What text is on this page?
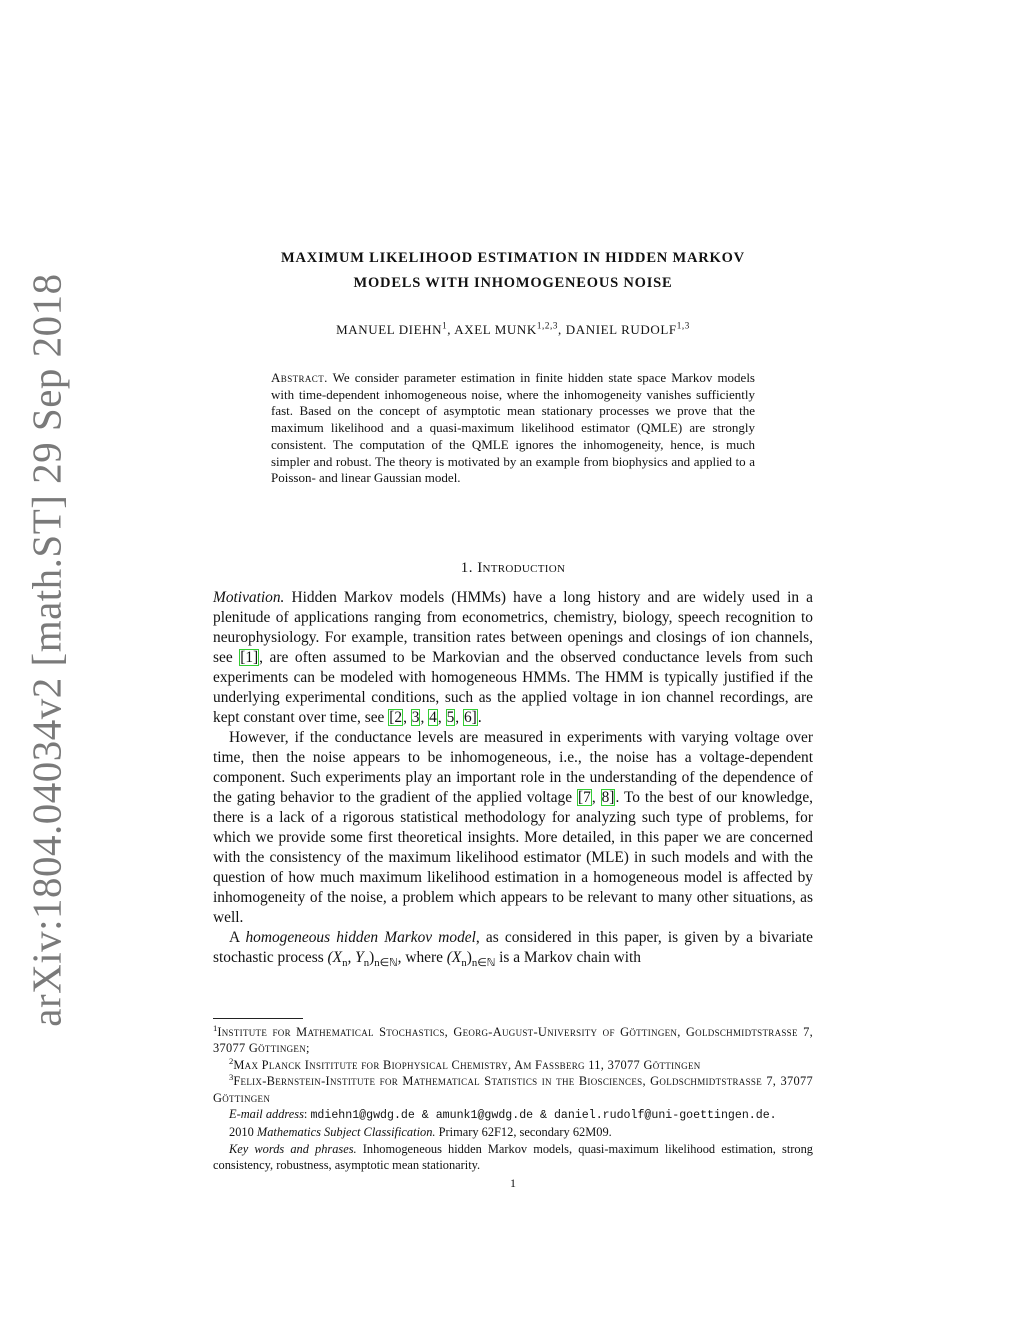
arXiv:1804.04034v2 [math.ST] 29 Sep 2018
MAXIMUM LIKELIHOOD ESTIMATION IN HIDDEN MARKOV
MODELS WITH INHOMOGENEOUS NOISE
MANUEL DIEHN$^1$, AXEL MUNK$^{1,2,3}$, DANIEL RUDOLF$^{1,3}$
Abstract. We consider parameter estimation in finite hidden state space Markov models with time-dependent inhomogeneous noise, where the inhomogeneity vanishes sufficiently fast. Based on the concept of asymptotic mean stationary processes we prove that the maximum likelihood and a quasi-maximum likelihood estimator (QMLE) are strongly consistent. The computation of the QMLE ignores the inhomogeneity, hence, is much simpler and robust. The theory is motivated by an example from biophysics and applied to a Poisson- and linear Gaussian model.
1. Introduction

Motivation. Hidden Markov models (HMMs) have a long history and are widely used in a plenitude of applications ranging from econometrics, chemistry, biology, speech recognition to neurophysiology. For example, transition rates between openings and closings of ion channels, see [1], are often assumed to be Markovian and the observed conductance levels from such experiments can be modeled with homogeneous HMMs. The HMM is typically justified if the underlying experimental conditions, such as the applied voltage in ion channel recordings, are kept constant over time, see [2, 3, 4, 5, 6].

However, if the conductance levels are measured in experiments with varying voltage over time, then the noise appears to be inhomogeneous, i.e., the noise has a voltage-dependent component. Such experiments play an important role in the understanding of the dependence of the gating behavior to the gradient of the applied voltage [7, 8]. To the best of our knowledge, there is a lack of a rigorous statistical methodology for analyzing such type of problems, for which we provide some first theoretical insights. More detailed, in this paper we are concerned with the consistency of the maximum likelihood estimator (MLE) in such models and with the question of how much maximum likelihood estimation in a homogeneous model is affected by inhomogeneity of the noise, a problem which appears to be relevant to many other situations, as well.

A homogeneous hidden Markov model, as considered in this paper, is given by a bivariate stochastic process ($X_n$, $Y_n)_{n\in ℕ}$, where $(X_n)_{n\in ℕ}$ is a Markov chain with

$^1$Institute for Mathematical Stochastics, Georg-August-University of Göttingen, Goldschmidtstrasse 7, 37077 Göttingen;

$^2$Max Planck Insititute for Biophysical Chemistry, Am Fassberg 11, 37077 Göttingen

$^3$Felix-Bernstein-Institute for Mathematical Statistics in the Biosciences, Goldschmidtstrasse 7, 37077 Göttingen

E-mail address: mdiehn1@gwdg.de & amunk1@gwdg.de & daniel.rudolf@uni-goettingen.de.

2010 Mathematics Subject Classification. Primary 62F12, secondary 62M09.

Key words and phrases. Inhomogeneous hidden Markov models, quasi-maximum likelihood estimation, strong consistency, robustness, asymptotic mean stationarity.

1
